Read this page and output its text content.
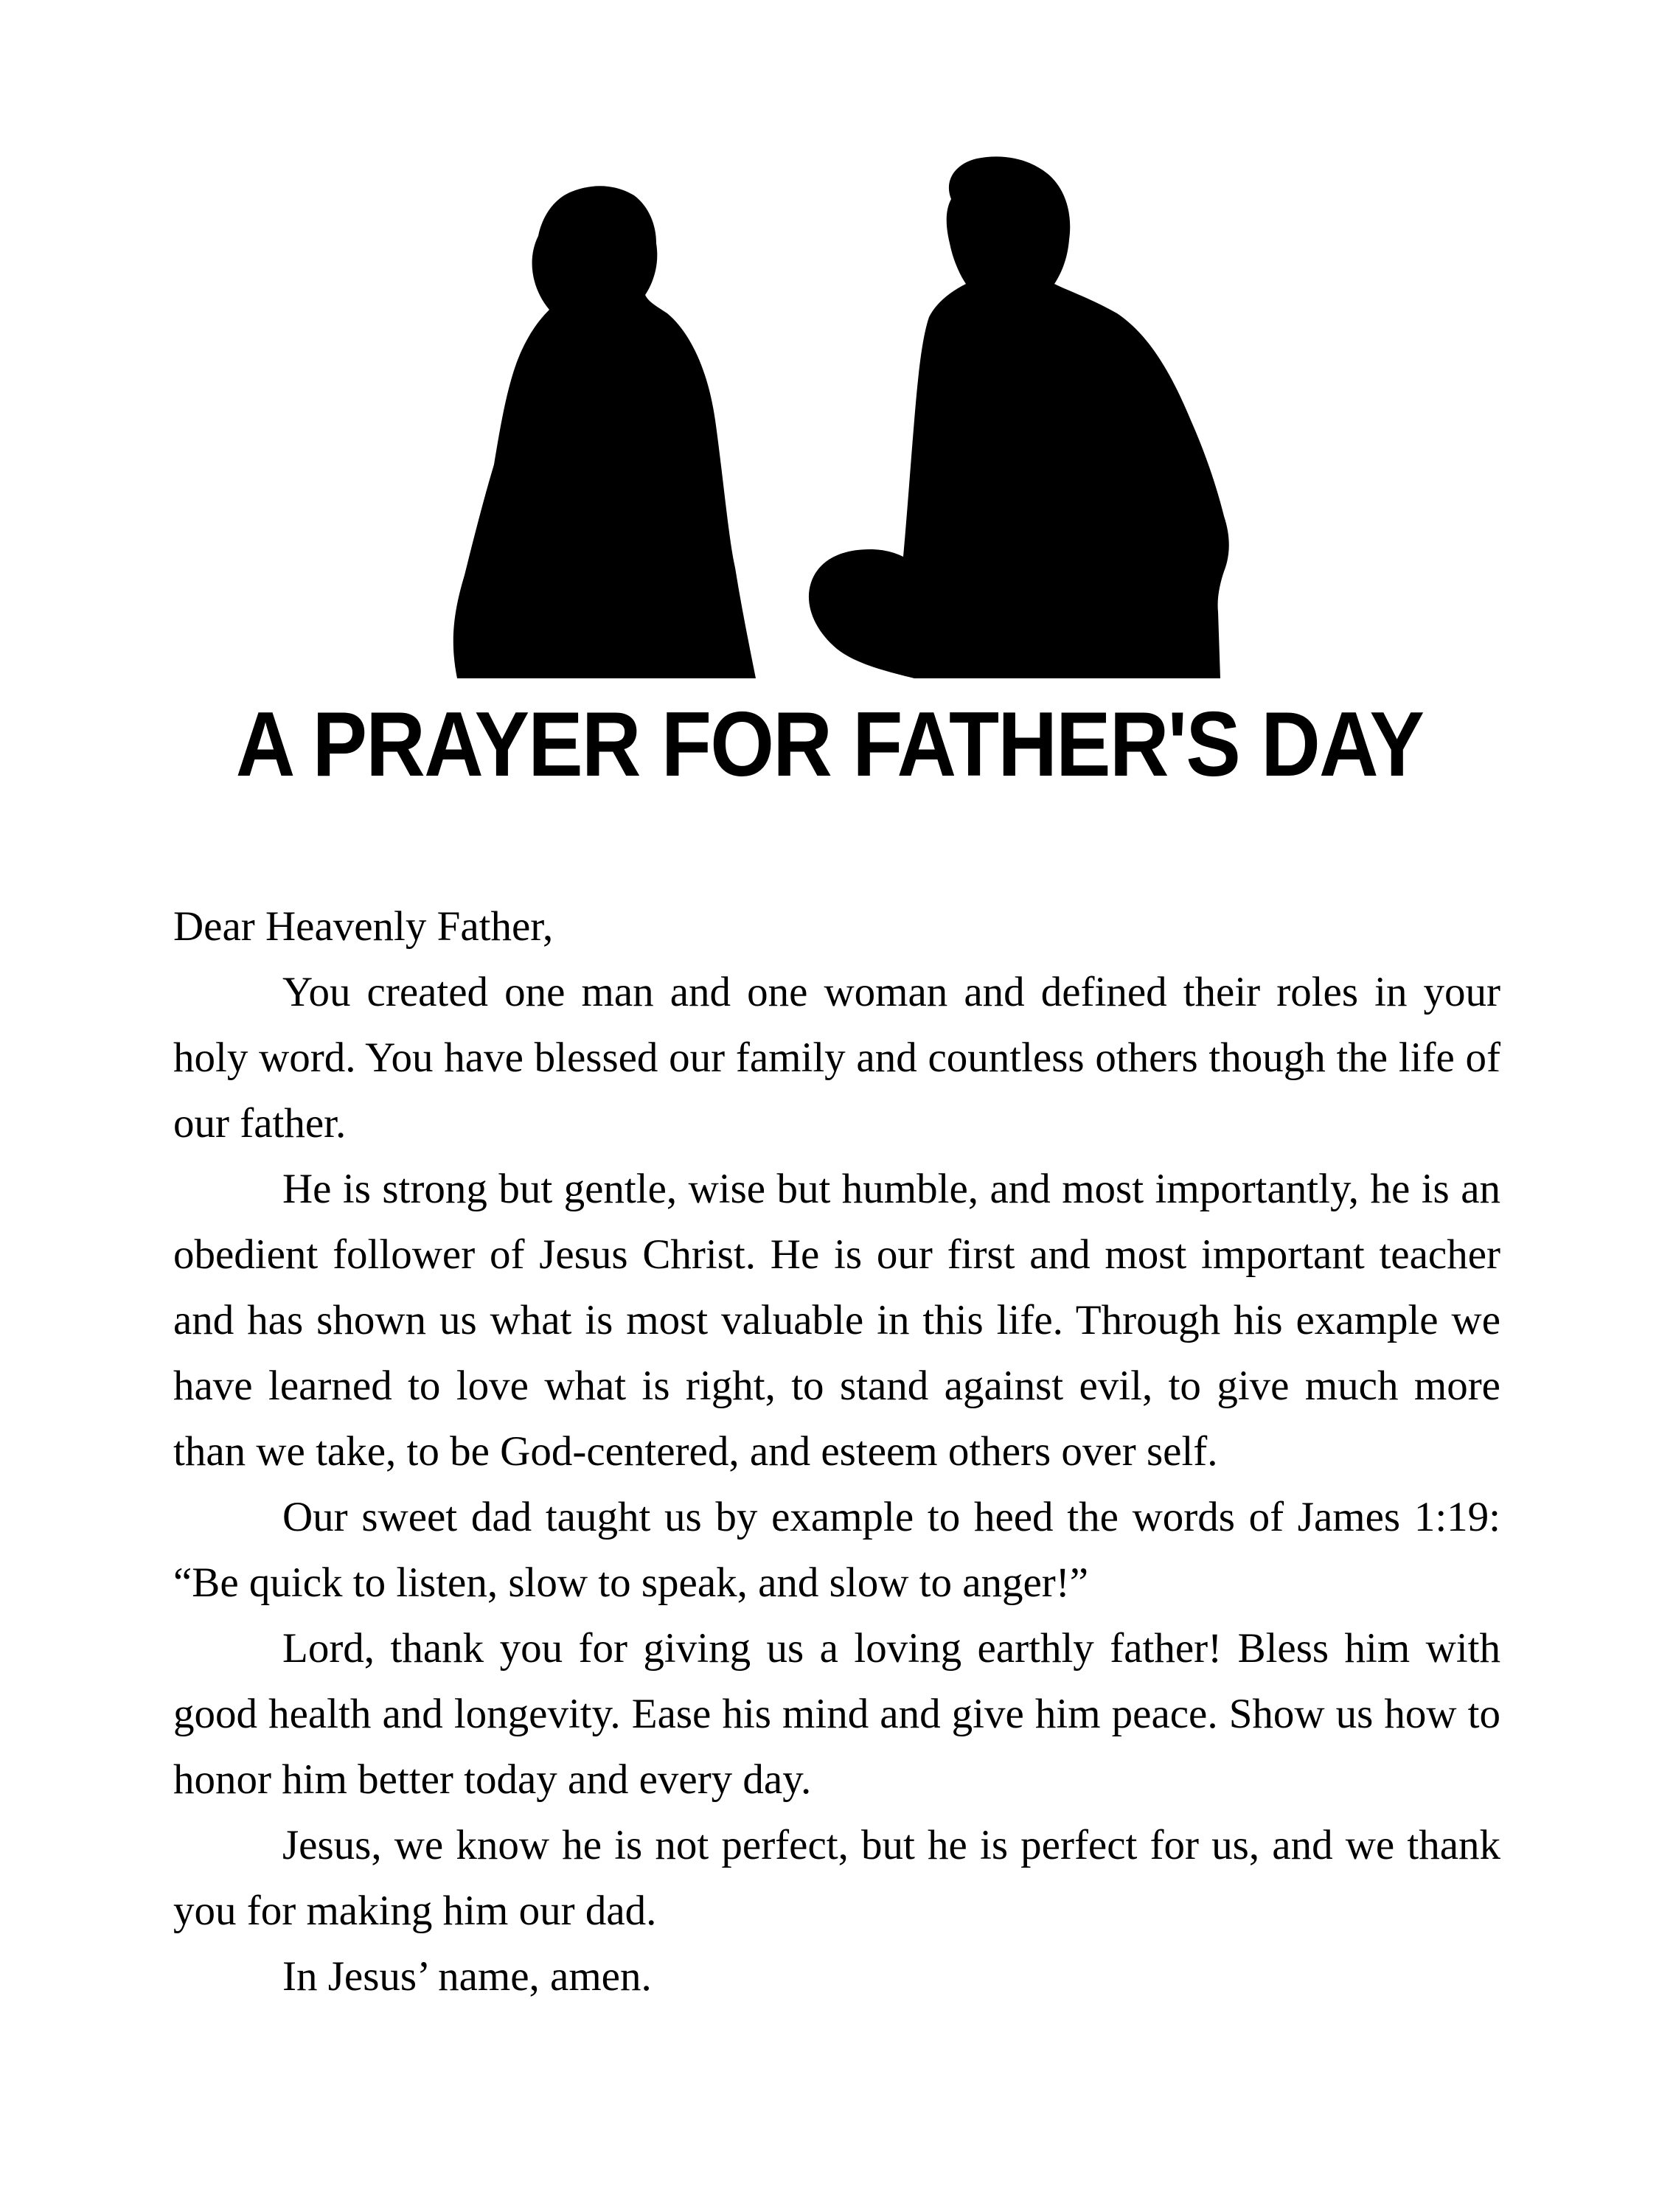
A PRAYER FOR FATHER'S DAY

Dear Heavenly Father,

You created one man and one woman and defined their roles in your holy word. You have blessed our family and countless others though the life of our father.

He is strong but gentle, wise but humble, and most importantly, he is an obedient follower of Jesus Christ. He is our first and most important teacher and has shown us what is most valuable in this life. Through his example we have learned to love what is right, to stand against evil, to give much more than we take, to be God-centered, and esteem others over self.

Our sweet dad taught us by example to heed the words of James 1:19: “Be quick to listen, slow to speak, and slow to anger!”

Lord, thank you for giving us a loving earthly father! Bless him with good health and longevity. Ease his mind and give him peace. Show us how to honor him better today and every day.

Jesus, we know he is not perfect, but he is perfect for us, and we thank you for making him our dad.

In Jesus’ name, amen.
